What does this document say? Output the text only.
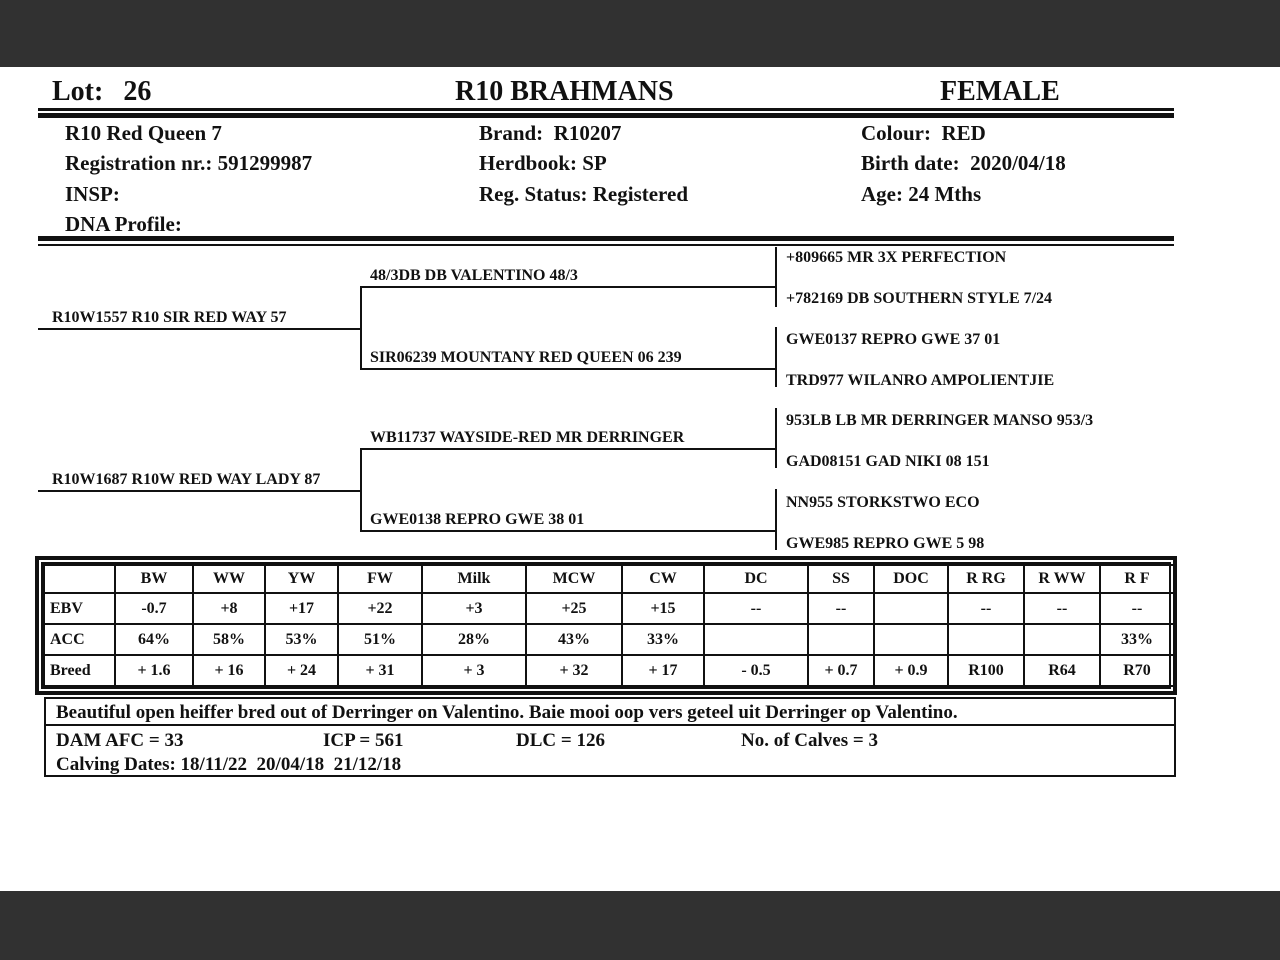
Lot: 26	R10 BRAHMANS	FEMALE
R10 Red Queen 7
Registration nr.: 591299987
INSP:
DNA Profile:
Brand:  R10207
Herdbook: SP
Reg. Status: Registered
Colour:  RED
Birth date:  2020/04/18
Age: 24 Mths
R10W1557 R10 SIR RED WAY 57
R10W1687 R10W RED WAY LADY 87
48/3DB DB VALENTINO 48/3
SIR06239 MOUNTANY RED QUEEN 06 239
WB11737 WAYSIDE-RED MR DERRINGER
GWE0138 REPRO GWE 38 01
+809665 MR 3X PERFECTION
+782169 DB SOUTHERN STYLE 7/24
GWE0137 REPRO GWE 37 01
TRD977 WILANRO AMPOLIENTJIE
953LB LB MR DERRINGER MANSO 953/3
GAD08151 GAD NIKI 08 151
NN955 STORKSTWO ECO
GWE985 REPRO GWE 5 98
	BW	WW	YW	FW	Milk	MCW	CW	DC	SS	DOC	R RG	R WW	R F
EBV	-0.7	+8	+17	+22	+3	+25	+15	--	--		--	--	--
ACC	64%	58%	53%	51%	28%	43%	33%						33%
Breed	+ 1.6	+ 16	+ 24	+ 31	+ 3	+ 32	+ 17	- 0.5	+ 0.7	+ 0.9	R100	R64	R70
Beautiful open heiffer bred out of Derringer on Valentino. Baie mooi oop vers geteel uit Derringer op Valentino.
DAM AFC = 33	ICP = 561	DLC = 126	No. of Calves = 3
Calving Dates: 18/11/22  20/04/18  21/12/18
